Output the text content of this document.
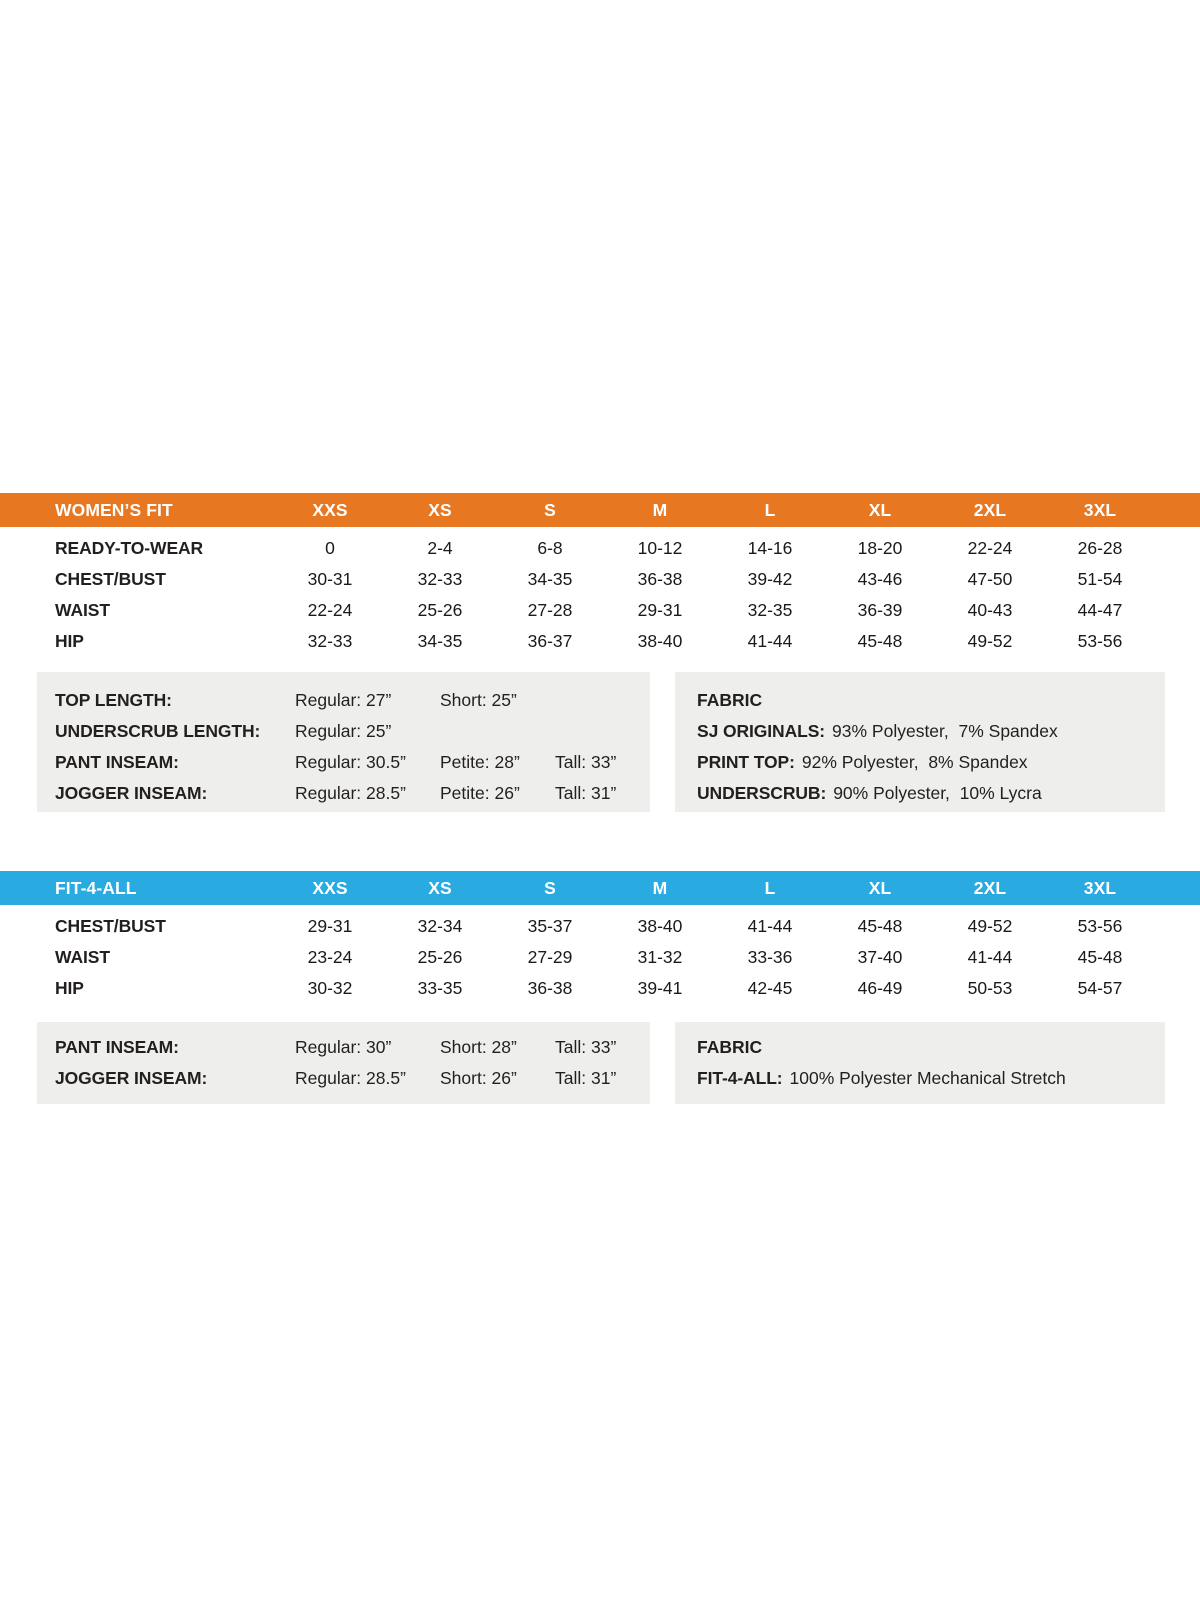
WOMEN’S FIT	XXS	XS	S	M	L	XL	2XL	3XL
READY-TO-WEAR	0	2-4	6-8	10-12	14-16	18-20	22-24	26-28
CHEST/BUST	30-31	32-33	34-35	36-38	39-42	43-46	47-50	51-54
WAIST	22-24	25-26	27-28	29-31	32-35	36-39	40-43	44-47
HIP	32-33	34-35	36-37	38-40	41-44	45-48	49-52	53-56
TOP LENGTH:	Regular: 27”	Short: 25”
UNDERSCRUB LENGTH:	Regular: 25”
PANT INSEAM:	Regular: 30.5”	Petite: 28”	Tall: 33”
JOGGER INSEAM:	Regular: 28.5”	Petite: 26”	Tall: 31”
FABRIC
SJ ORIGINALS: 93% Polyester,  7% Spandex
PRINT TOP: 92% Polyester,  8% Spandex
UNDERSCRUB: 90% Polyester,  10% Lycra
FIT-4-ALL	XXS	XS	S	M	L	XL	2XL	3XL
CHEST/BUST	29-31	32-34	35-37	38-40	41-44	45-48	49-52	53-56
WAIST	23-24	25-26	27-29	31-32	33-36	37-40	41-44	45-48
HIP	30-32	33-35	36-38	39-41	42-45	46-49	50-53	54-57
PANT INSEAM:	Regular: 30”	Short: 28”	Tall: 33”
JOGGER INSEAM:	Regular: 28.5”	Short: 26”	Tall: 31”
FABRIC
FIT-4-ALL: 100% Polyester Mechanical Stretch
